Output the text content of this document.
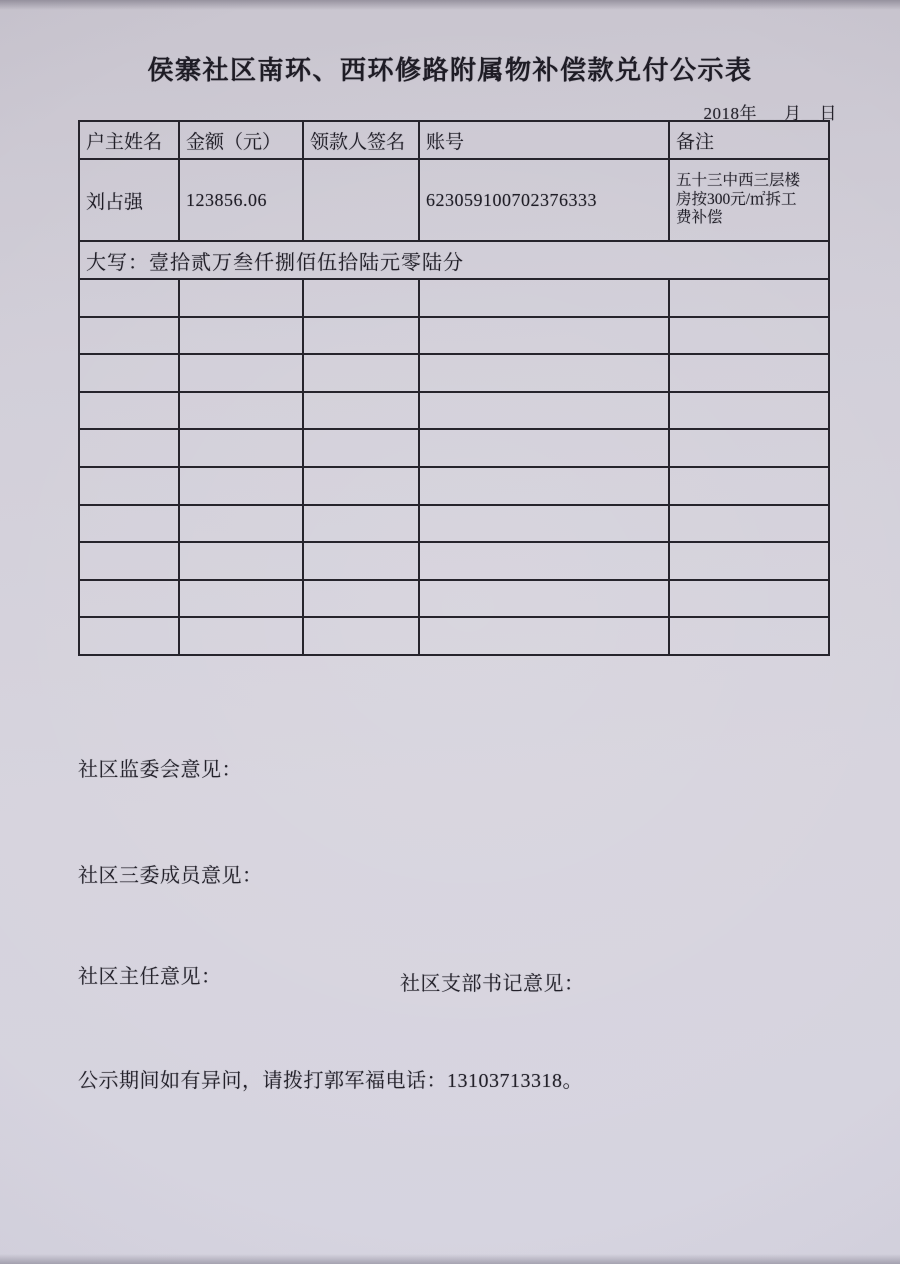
侯寨社区南环、西环修路附属物补偿款兑付公示表
2018年___月__日
户主姓名	金额（元）	领款人签名	账号	备注
刘占强	123856.06		623059100702376333	五十三中西三层楼房按300元/㎡拆工费补偿

大写：壹拾贰万叁仟捌佰伍拾陆元零陆分				

社区监委会意见：
社区三委成员意见：
社区主任意见：	社区支部书记意见：
公示期间如有异问，请拨打郭军福电话：13103713318。
